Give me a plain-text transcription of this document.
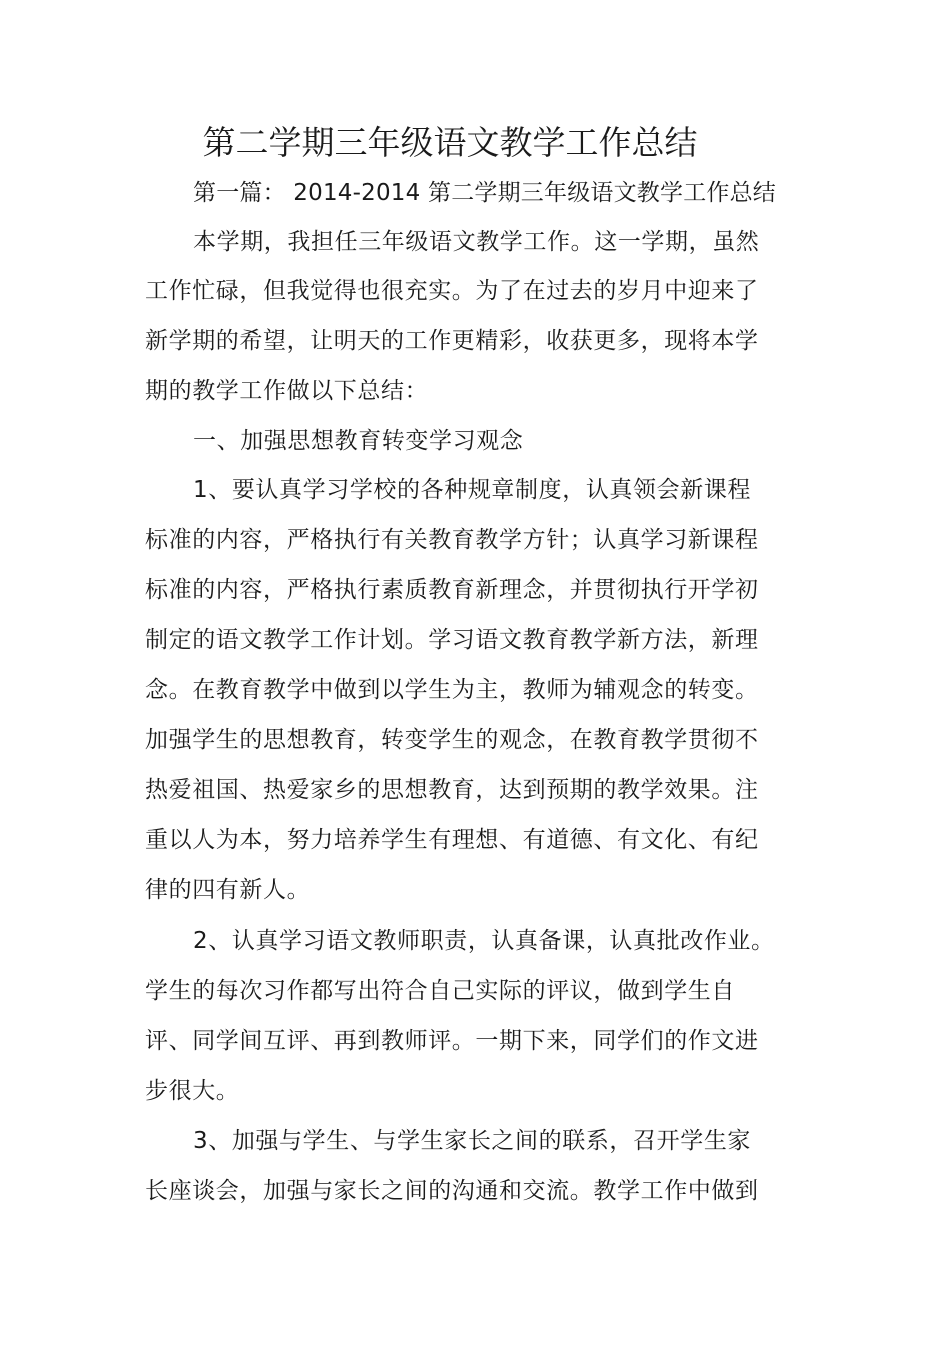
第二学期三年级语文教学工作总结
第一篇： 2014-2014 第二学期三年级语文教学工作总结
本学期，我担任三年级语文教学工作。这一学期，虽然
工作忙碌，但我觉得也很充实。为了在过去的岁月中迎来了
新学期的希望，让明天的工作更精彩，收获更多，现将本学
期的教学工作做以下总结：
一、加强思想教育转变学习观念
1、要认真学习学校的各种规章制度，认真领会新课程
标准的内容，严格执行有关教育教学方针；认真学习新课程
标准的内容，严格执行素质教育新理念，并贯彻执行开学初
制定的语文教学工作计划。学习语文教育教学新方法，新理
念。在教育教学中做到以学生为主，教师为辅观念的转变。
加强学生的思想教育，转变学生的观念，在教育教学贯彻不
热爱祖国、热爱家乡的思想教育，达到预期的教学效果。注
重以人为本，努力培养学生有理想、有道德、有文化、有纪
律的四有新人。
2、认真学习语文教师职责，认真备课，认真批改作业。
学生的每次习作都写出符合自己实际的评议，做到学生自
评、同学间互评、再到教师评。一期下来，同学们的作文进
步很大。
3、加强与学生、与学生家长之间的联系，召开学生家
长座谈会，加强与家长之间的沟通和交流。教学工作中做到
